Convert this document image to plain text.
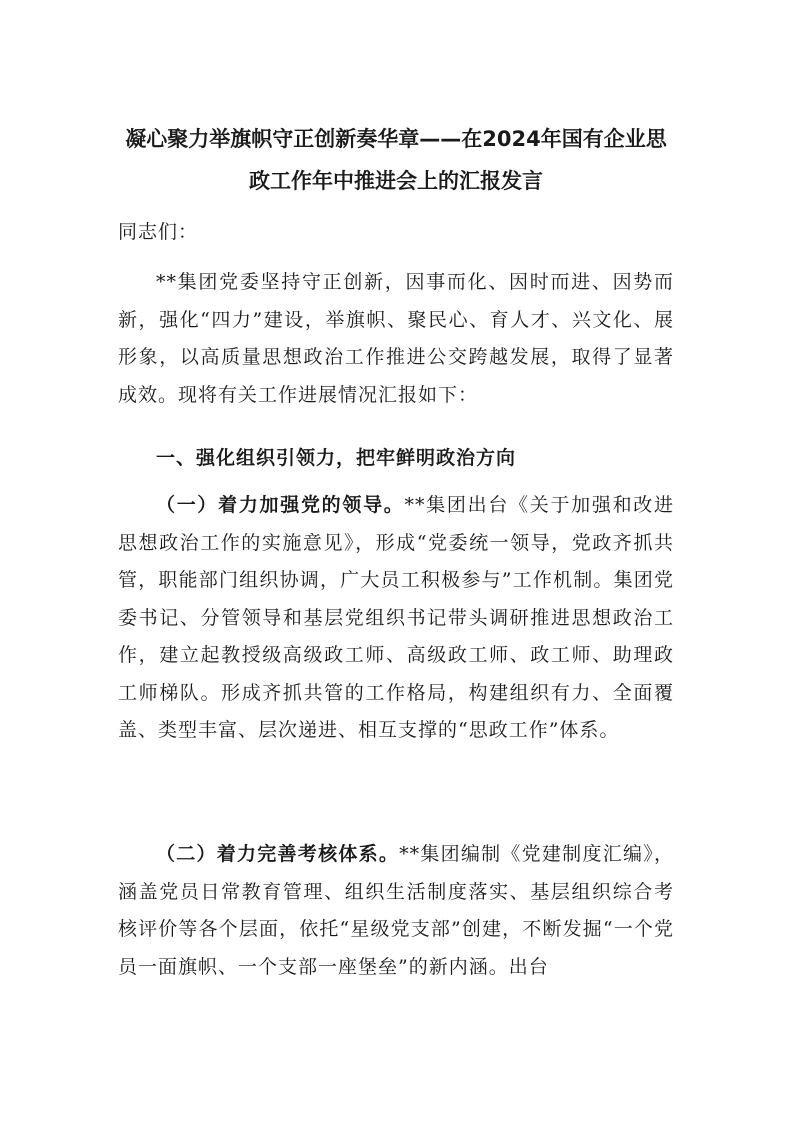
凝心聚力举旗帜守正创新奏华章——在2024年国有企业思
政工作年中推进会上的汇报发言
同志们：
**集团党委坚持守正创新，因事而化、因时而进、因势而新，强化“四力”建设，举旗帜、聚民心、育人才、兴文化、展形象，以高质量思想政治工作推进公交跨越发展，取得了显著成效。现将有关工作进展情况汇报如下：
一、强化组织引领力，把牢鲜明政治方向
（一）着力加强党的领导。**集团出台《关于加强和改进思想政治工作的实施意见》，形成“党委统一领导，党政齐抓共管，职能部门组织协调，广大员工积极参与”工作机制。集团党委书记、分管领导和基层党组织书记带头调研推进思想政治工作，建立起教授级高级政工师、高级政工师、政工师、助理政工师梯队。形成齐抓共管的工作格局，构建组织有力、全面覆盖、类型丰富、层次递进、相互支撑的“思政工作”体系。
（二）着力完善考核体系。**集团编制《党建制度汇编》，涵盖党员日常教育管理、组织生活制度落实、基层组织综合考核评价等各个层面，依托“星级党支部”创建，不断发掘“一个党员一面旗帜、一个支部一座堡垒”的新内涵。出台
